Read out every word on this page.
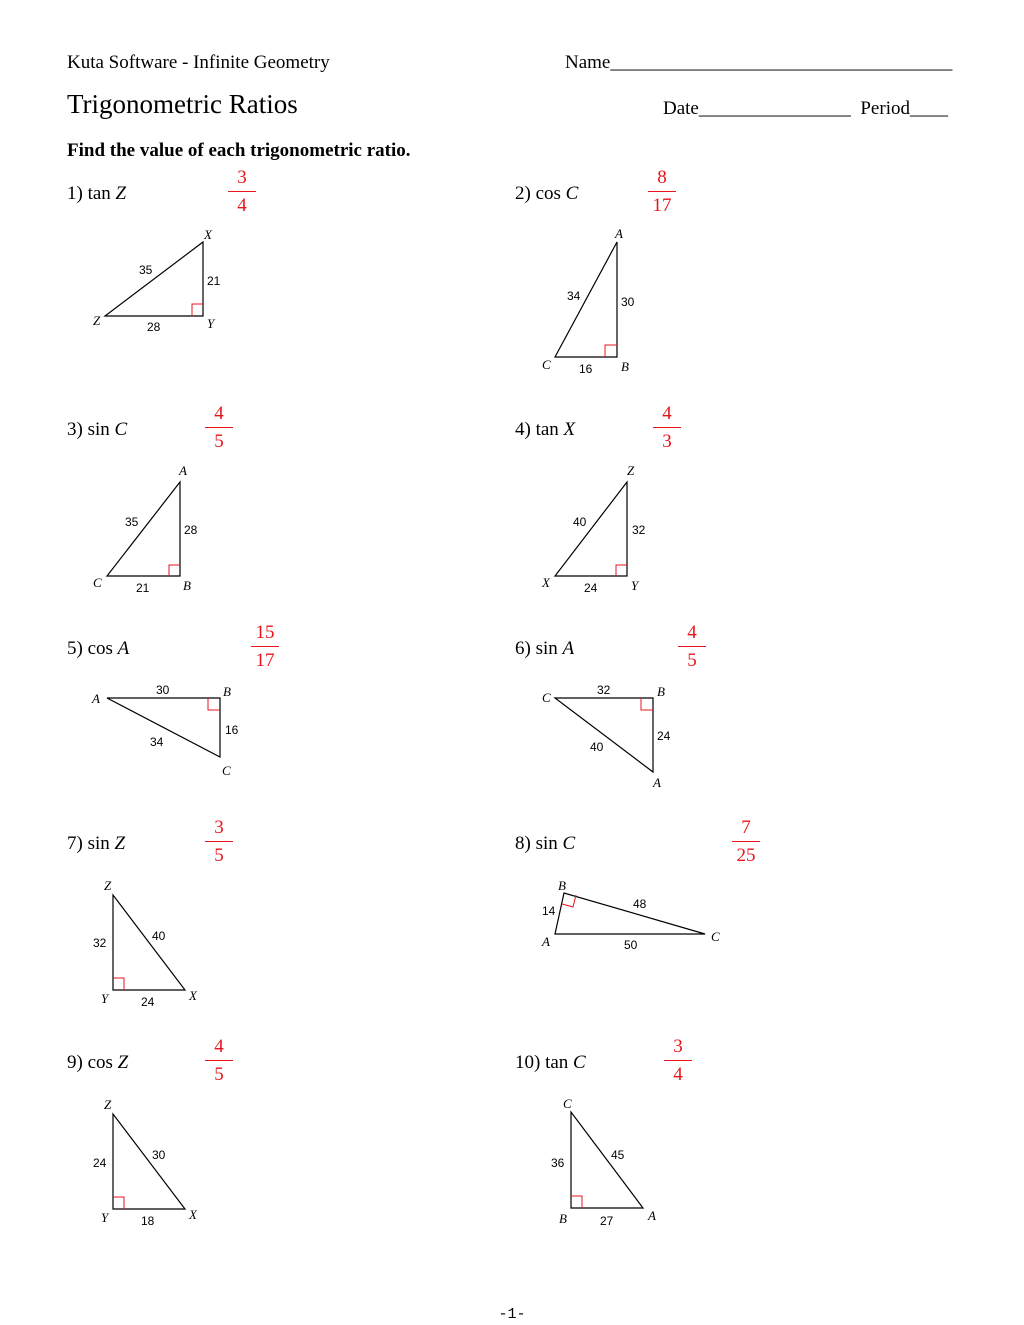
Kuta Software - Infinite Geometry	Name____________________________________
Trigonometric Ratios	Date________________  Period____
Find the value of each trigonometric ratio.
1) tan Z
3
4
X
Z	Y
35
21
28
2) cos C
8
17
A
C	B
34	30
16
3) sin C
4
5
A
C	B
35
28
21
4) tan X
4
3
Z
X	Y
40
32
24
5) cos A
15
17
A	B
C
30
16
34
6) sin A
4
5
C	B
A
32
24
40
7) sin Z
3
5
Z
Y	X
32	40
24
8) sin C
7
25
B
A	C
14	48
50
9) cos Z
4
5
Z
Y	X
24
30
18
10) tan C
3
4
C
B	A
36
45
27
-1-
